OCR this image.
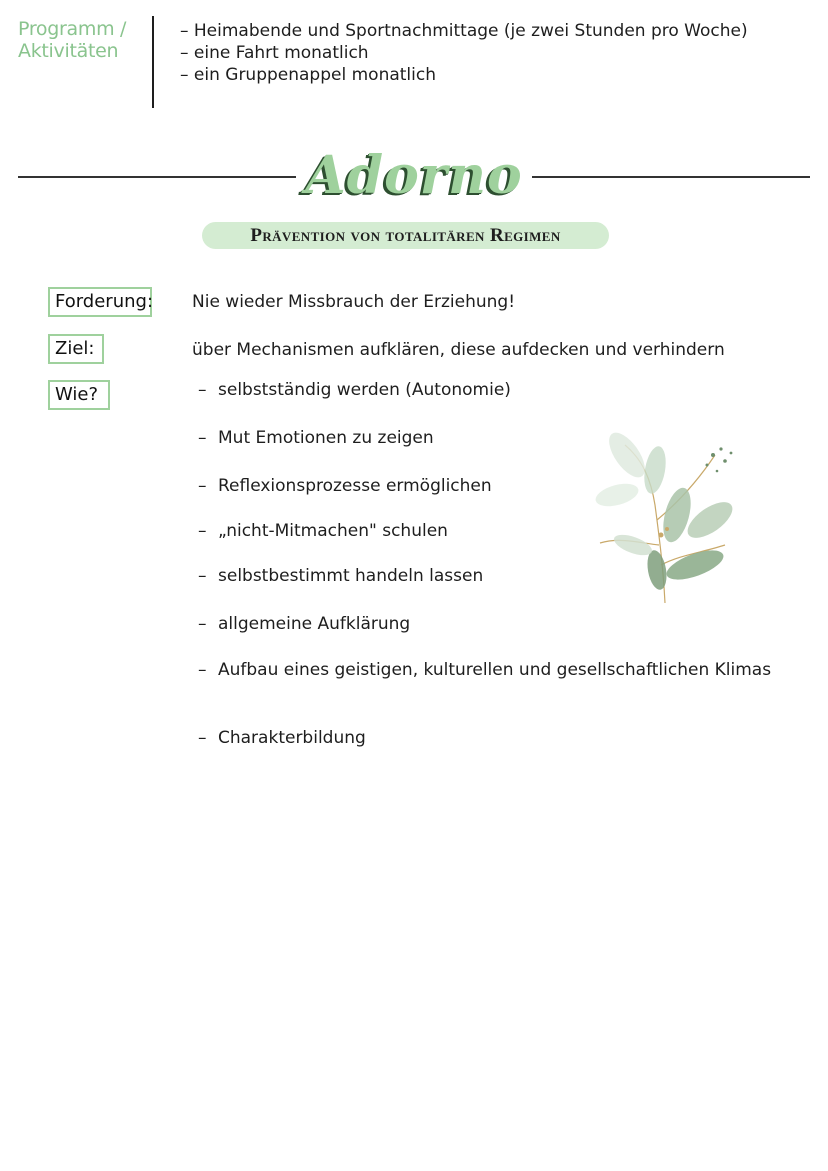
Programm / Aktivitäten
– Heimabende und Sportnachmittage (je zwei Stunden pro Woche)
– eine Fahrt monatlich
– ein Gruppenappel monatlich
Adorno
Prävention von totalitären Regimen
Forderung: Nie wieder Missbrauch der Erziehung!
Ziel:	über Mechanismen aufklären, diese aufdecken und verhindern
Wie?
–	selbstständig werden (Autonomie)
– Mut Emotionen zu zeigen
– Reflexionsprozesse ermöglichen
– „nicht-Mitmachen" schulen
– selbstbestimmt handeln lassen
– allgemeine Aufklärung
– Aufbau eines geistigen, kulturellen und gesellschaftlichen Klimas
– Charakterbildung
